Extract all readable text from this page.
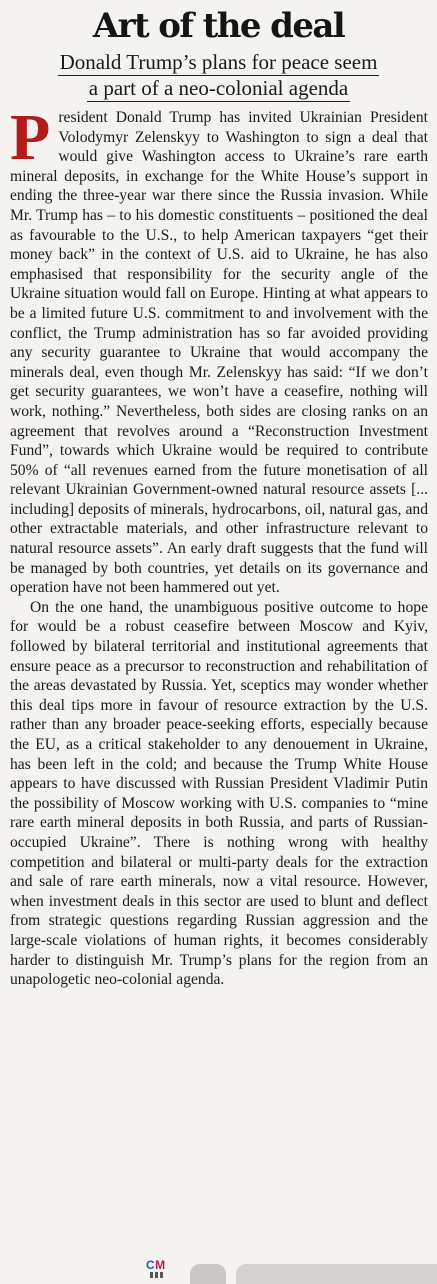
Art of the deal
Donald Trump’s plans for peace seem
a part of a neo-colonial agenda

President Donald Trump has invited Ukrainian President Volodymyr Zelenskyy to Washington to sign a deal that would give Washington access to Ukraine’s rare earth mineral deposits, in exchange for the White House’s support in ending the three-year war there since the Russia invasion. While Mr. Trump has – to his domestic constituents – positioned the deal as favourable to the U.S., to help American taxpayers “get their money back” in the context of U.S. aid to Ukraine, he has also emphasised that responsibility for the security angle of the Ukraine situation would fall on Europe. Hinting at what appears to be a limited future U.S. commitment to and involvement with the conflict, the Trump administration has so far avoided providing any security guarantee to Ukraine that would accompany the minerals deal, even though Mr. Zelenskyy has said: “If we don’t get security guarantees, we won’t have a ceasefire, nothing will work, nothing.” Nevertheless, both sides are closing ranks on an agreement that revolves around a “Reconstruction Investment Fund”, towards which Ukraine would be required to contribute 50% of “all revenues earned from the future monetisation of all relevant Ukrainian Government-owned natural resource assets [... including] deposits of minerals, hydrocarbons, oil, natural gas, and other extractable materials, and other infrastructure relevant to natural resource assets”. An early draft suggests that the fund will be managed by both countries, yet details on its governance and operation have not been hammered out yet.

On the one hand, the unambiguous positive outcome to hope for would be a robust ceasefire between Moscow and Kyiv, followed by bilateral territorial and institutional agreements that ensure peace as a precursor to reconstruction and rehabilitation of the areas devastated by Russia. Yet, sceptics may wonder whether this deal tips more in favour of resource extraction by the U.S. rather than any broader peace-seeking efforts, especially because the EU, as a critical stakeholder to any denouement in Ukraine, has been left in the cold; and because the Trump White House appears to have discussed with Russian President Vladimir Putin the possibility of Moscow working with U.S. companies to “mine rare earth mineral deposits in both Russia, and parts of Russian-occupied Ukraine”. There is nothing wrong with healthy competition and bilateral or multi-party deals for the extraction and sale of rare earth minerals, now a vital resource. However, when investment deals in this sector are used to blunt and deflect from strategic questions regarding Russian aggression and the large-scale violations of human rights, it becomes considerably harder to distinguish Mr. Trump’s plans for the region from an unapologetic neo-colonial agenda.

CM
